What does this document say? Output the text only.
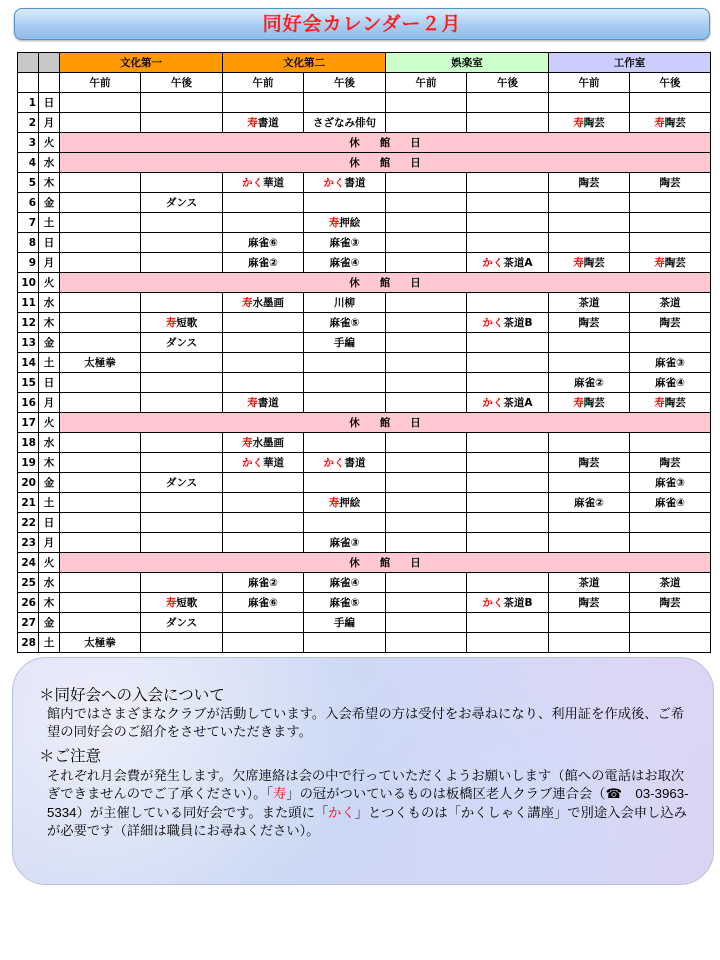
同好会カレンダー２月
		文化第一		文化第二		娯楽室		工作室	
		午前	午後	午前	午後	午前	午後	午前	午後
1	日								
2	月			寿書道	さざなみ俳句			寿陶芸	寿陶芸
3	火	休 館 日							
4	水	休 館 日							
5	木			かく華道	かく書道			陶芸	陶芸
6	金		ダンス						
7	土				寿押絵				
8	日			麻雀⑥	麻雀③				
9	月			麻雀②	麻雀④		かく茶道A	寿陶芸	寿陶芸
10	火	休 館 日							
11	水			寿水墨画	川柳			茶道	茶道
12	木		寿短歌		麻雀⑤		かく茶道B	陶芸	陶芸
13	金		ダンス		手編				
14	土	太極拳							麻雀③
15	日							麻雀②	麻雀④
16	月			寿書道			かく茶道A	寿陶芸	寿陶芸
17	火	休 館 日							
18	水			寿水墨画					
19	木			かく華道	かく書道			陶芸	陶芸
20	金		ダンス						麻雀③
21	土				寿押絵			麻雀②	麻雀④
22	日								
23	月				麻雀③				
24	火	休 館 日							
25	水			麻雀②	麻雀④			茶道	茶道
26	木		寿短歌	麻雀⑥	麻雀⑤		かく茶道B	陶芸	陶芸
27	金		ダンス		手編				
28	土	太極拳							
＊同好会への入会について

館内ではさまざまなクラブが活動しています。入会希望の方は受付をお尋ねになり、利用証を作成後、ご希望の同好会のご紹介をさせていただきます。

＊ご注意

それぞれ月会費が発生します。欠席連絡は会の中で行っていただくようお願いします（館への電話はお取次ぎできませんのでご了承ください）。「寿」の冠がついているものは板橋区老人クラブ連合会（☎　03-3963-5334）が主催している同好会です。また頭に「かく」とつくものは「かくしゃく講座」で別途入会申し込みが必要です（詳細は職員にお尋ねください）。
